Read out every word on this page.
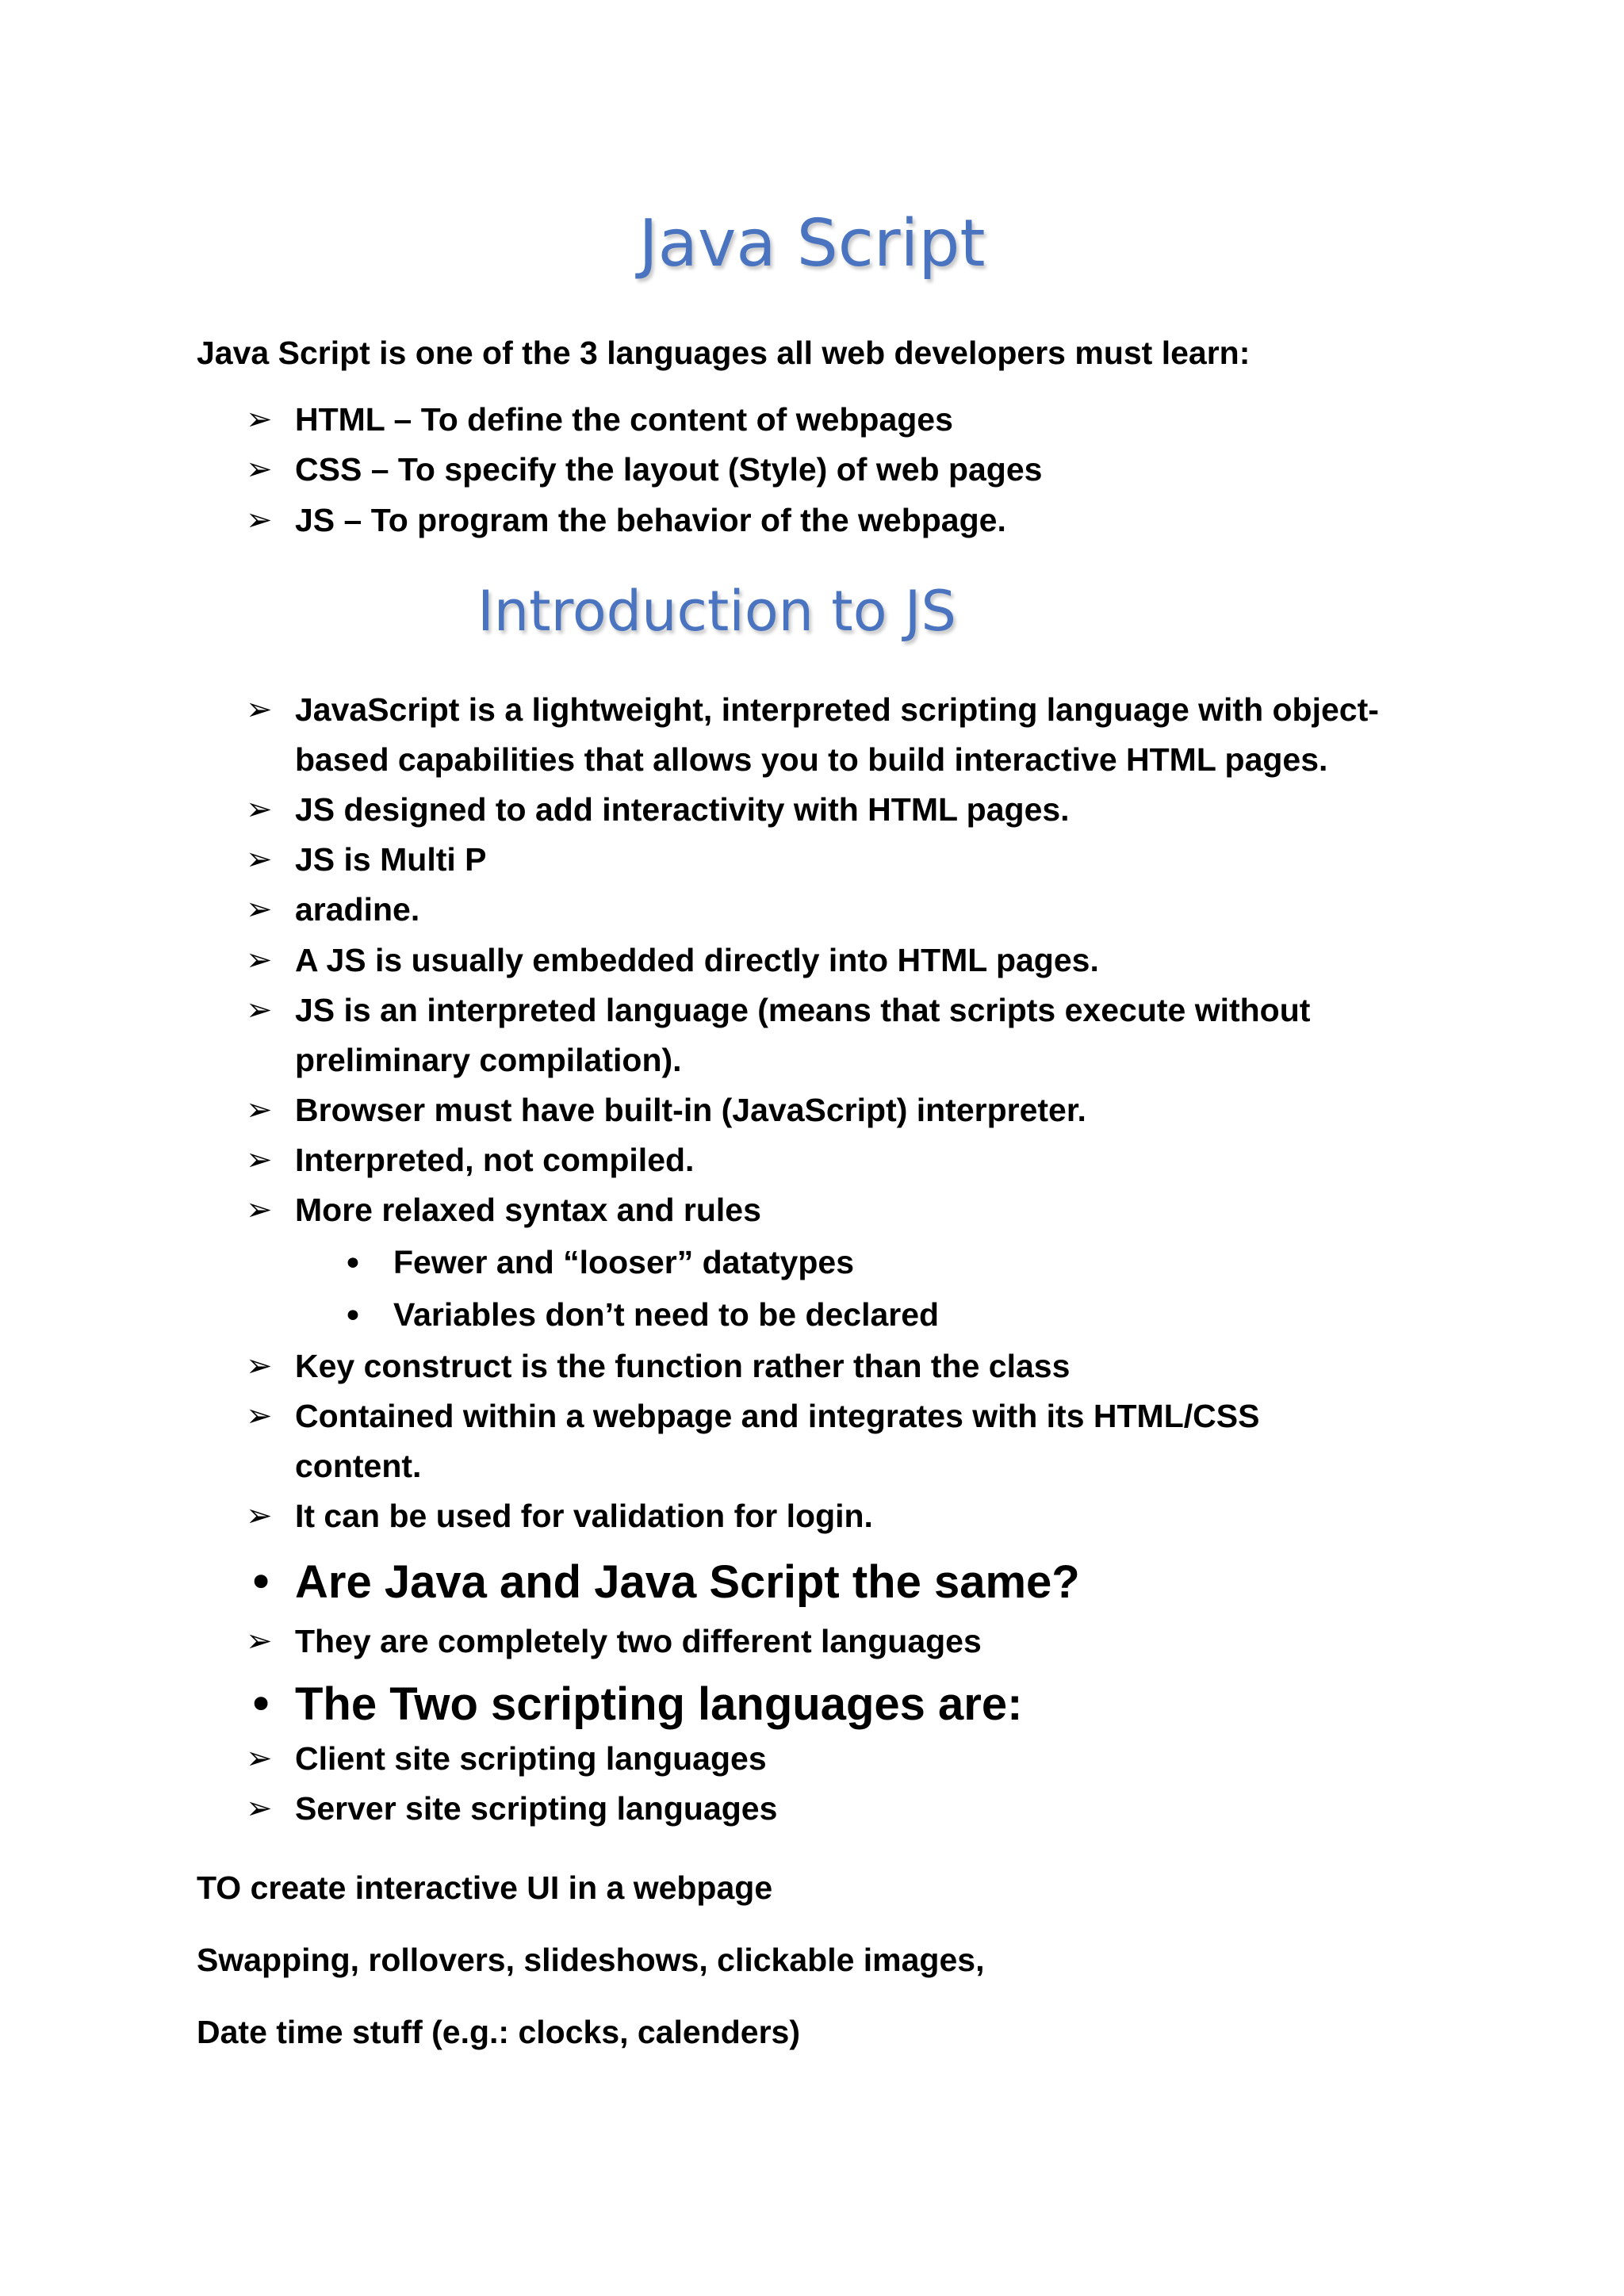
Java Script

Java Script is one of the 3 languages all web developers must learn:

➢ HTML – To define the content of webpages
➢ CSS – To specify the layout (Style) of web pages
➢ JS – To program the behavior of the webpage.
Introduction to JS
➢ JavaScript is a lightweight, interpreted scripting language with object-
based capabilities that allows you to build interactive HTML pages.
➢ JS designed to add interactivity with HTML pages.
➢ JS is Multi P
➢ aradine.
➢ A JS is usually embedded directly into HTML pages.
➢ JS is an interpreted language (means that scripts execute without
preliminary compilation).
➢ Browser must have built-in (JavaScript) interpreter.
➢ Interpreted, not compiled.
➢ More relaxed syntax and rules
• Fewer and “looser” datatypes
• Variables don’t need to be declared
➢ Key construct is the function rather than the class
➢ Contained within a webpage and integrates with its HTML/CSS
content.
➢ It can be used for validation for login.
• Are Java and Java Script the same?
➢ They are completely two different languages
• The Two scripting languages are:
➢ Client site scripting languages
➢ Server site scripting languages

TO create interactive UI in a webpage

Swapping, rollovers, slideshows, clickable images,

Date time stuff (e.g.: clocks, calenders)
